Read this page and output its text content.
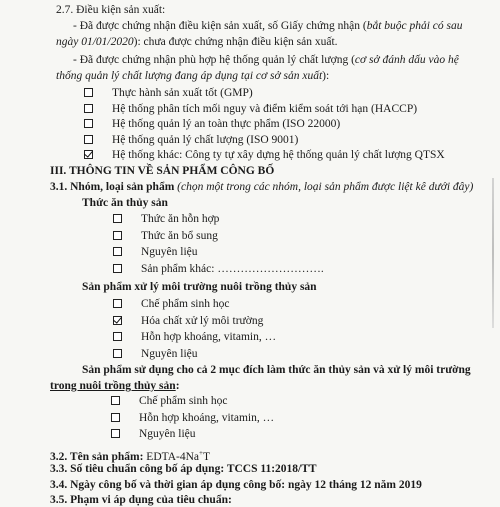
2.7. Điều kiện sản xuất:
- Đã được chứng nhận điều kiện sản xuất, số Giấy chứng nhận (bắt buộc phải có sau
ngày 01/01/2020): chưa được chứng nhận điều kiện sản xuất.
- Đã được chứng nhận phù hợp hệ thống quản lý chất lượng (cơ sở đánh dấu vào hệ
thống quản lý chất lượng đang áp dụng tại cơ sở sản xuất):
Thực hành sản xuất tốt (GMP)
Hệ thống phân tích mối nguy và điểm kiểm soát tới hạn (HACCP)
Hệ thống quản lý an toàn thực phẩm (ISO 22000)
Hệ thống quản lý chất lượng (ISO 9001)
Hệ thống khác: Công ty tự xây dựng hệ thống quản lý chất lượng QTSX
III. THÔNG TIN VỀ SẢN PHẨM CÔNG BỐ
3.1. Nhóm, loại sản phẩm (chọn một trong các nhóm, loại sản phẩm được liệt kê dưới đây)
Thức ăn thủy sản
Thức ăn hỗn hợp
Thức ăn bổ sung
Nguyên liệu
Sản phẩm khác: ……………………….
Sản phẩm xử lý môi trường nuôi trồng thủy sản
Chế phẩm sinh học
Hóa chất xử lý môi trường
Hỗn hợp khoáng, vitamin, …
Nguyên liệu
Sản phẩm sử dụng cho cả 2 mục đích làm thức ăn thủy sản và xử lý môi trường
trong nuôi trồng thủy sản:
Chế phẩm sinh học
Hỗn hợp khoáng, vitamin, …
Nguyên liệu
3.2. Tên sản phẩm: EDTA-4Na+T
3.3. Số tiêu chuẩn công bố áp dụng: TCCS 11:2018/TT
3.4. Ngày công bố và thời gian áp dụng công bố: ngày 12 tháng 12 năm 2019
3.5. Phạm vi áp dụng của tiêu chuẩn:
